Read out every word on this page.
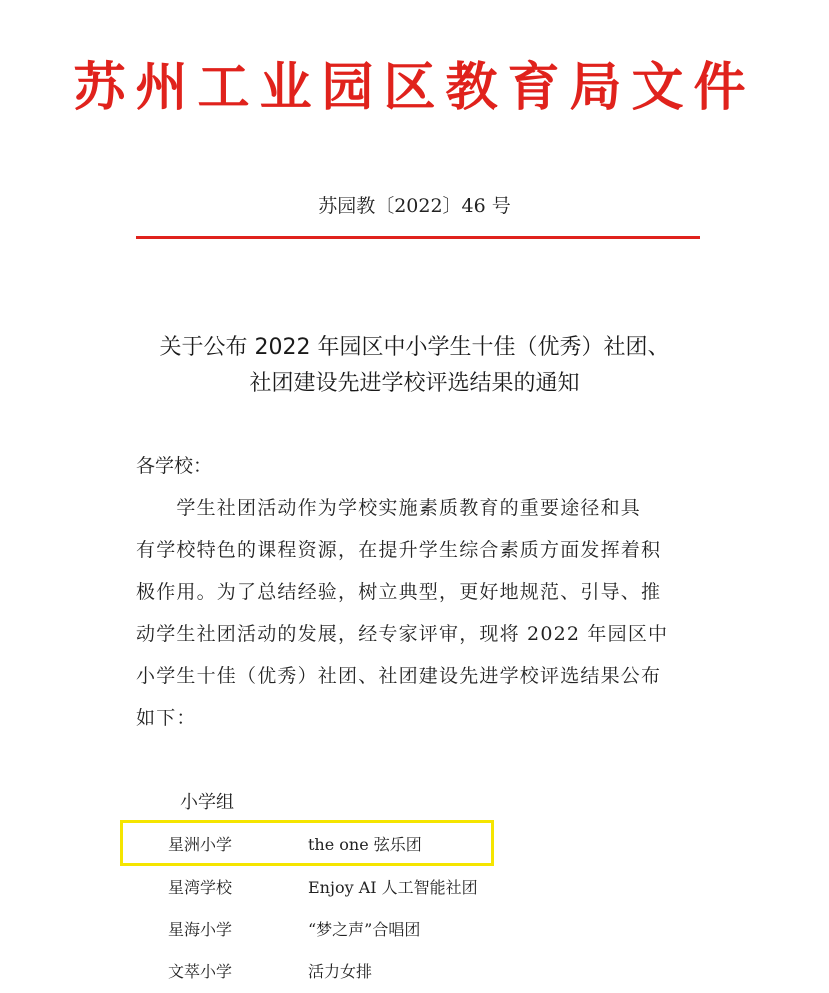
苏州工业园区教育局文件
苏园教〔2022〕46 号
关于公布 2022 年园区中小学生十佳（优秀）社团、
社团建设先进学校评选结果的通知
各学校：
　　学生社团活动作为学校实施素质教育的重要途径和具
有学校特色的课程资源，在提升学生综合素质方面发挥着积
极作用。为了总结经验，树立典型，更好地规范、引导、推
动学生社团活动的发展，经专家评审，现将 2022 年园区中
小学生十佳（优秀）社团、社团建设先进学校评选结果公布
如下：
小学组
星洲小学	the one 弦乐团
星湾学校	Enjoy AI 人工智能社团
星海小学	“梦之声”合唱团
文萃小学	活力女排
